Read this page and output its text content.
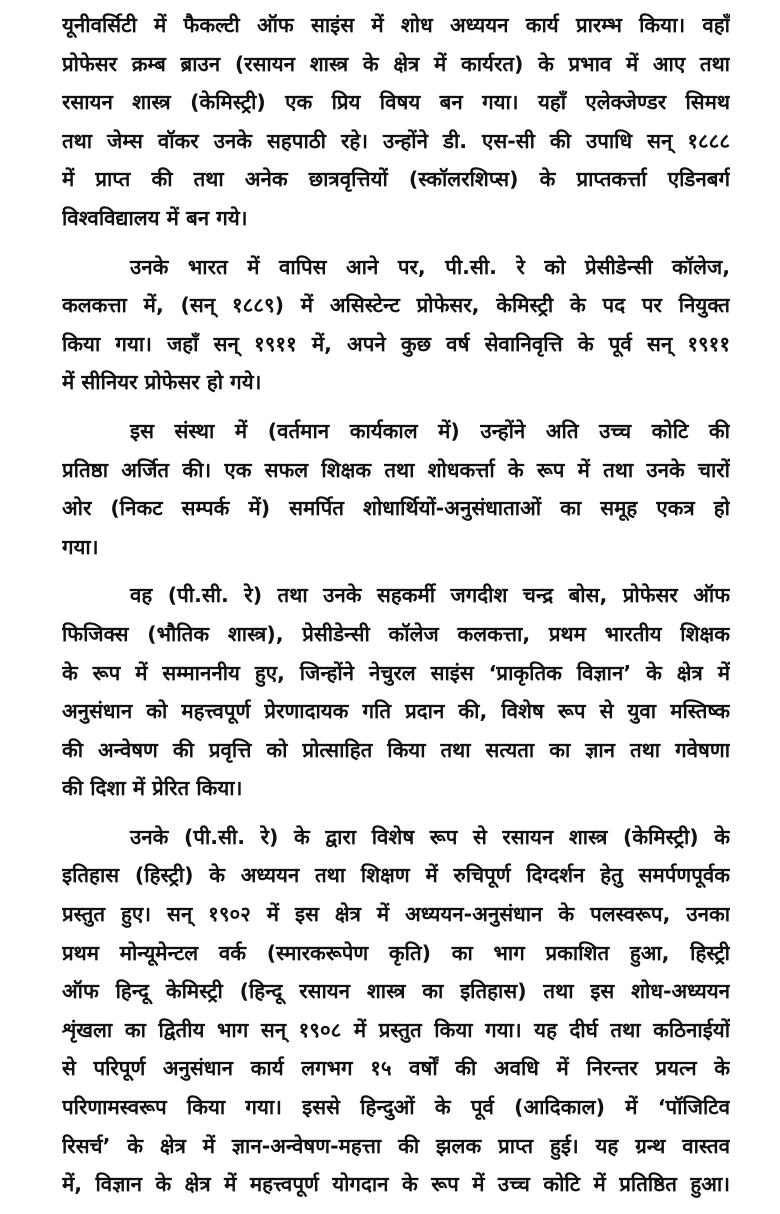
यूनीवर्सिटी में फैकल्टी ऑफ साइंस में शोध अध्ययन कार्य प्रारम्भ किया। वहाँ
प्रोफेसर क्रम्ब ब्राउन (रसायन शास्त्र के क्षेत्र में कार्यरत) के प्रभाव में आए तथा
रसायन शास्त्र (केमिस्ट्री) एक प्रिय विषय बन गया। यहाँ एलेक्जेण्डर सिमथ
तथा जेम्स वॉकर उनके सहपाठी रहे। उन्होंने डी. एस-सी की उपाधि सन् १८८८
में प्राप्त की तथा अनेक छात्रवृत्तियों (स्कॉलरशिप्स) के प्राप्तकर्त्ता एडिनबर्ग
विश्वविद्यालय में बन गये।
उनके भारत में वापिस आने पर, पी.सी. रे को प्रेसीडेन्सी कॉलेज,
कलकत्ता में, (सन् १८८९) में असिस्टेन्ट प्रोफेसर, केमिस्ट्री के पद पर नियुक्त
किया गया। जहाँ सन् १९११ में, अपने कुछ वर्ष सेवानिवृत्ति के पूर्व सन् १९११
में सीनियर प्रोफेसर हो गये।
इस संस्था में (वर्तमान कार्यकाल में) उन्होंने अति उच्च कोटि की
प्रतिष्ठा अर्जित की। एक सफल शिक्षक तथा शोधकर्त्ता के रूप में तथा उनके चारों
ओर (निकट सम्पर्क में) समर्पित शोधार्थियों-अनुसंधाताओं का समूह एकत्र हो
गया।
वह (पी.सी. रे) तथा उनके सहकर्मी जगदीश चन्द्र बोस, प्रोफेसर ऑफ
फिजिक्स (भौतिक शास्त्र), प्रेसीडेन्सी कॉलेज कलकत्ता, प्रथम भारतीय शिक्षक
के रूप में सम्माननीय हुए, जिन्होंने नेचुरल साइंस ‘प्राकृतिक विज्ञान’ के क्षेत्र में
अनुसंधान को महत्त्वपूर्ण प्रेरणादायक गति प्रदान की, विशेष रूप से युवा मस्तिष्क
की अन्वेषण की प्रवृत्ति को प्रोत्साहित किया तथा सत्यता का ज्ञान तथा गवेषणा
की दिशा में प्रेरित किया।
उनके (पी.सी. रे) के द्वारा विशेष रूप से रसायन शास्त्र (केमिस्ट्री) के
इतिहास (हिस्ट्री) के अध्ययन तथा शिक्षण में रुचिपूर्ण दिग्दर्शन हेतु समर्पणपूर्वक
प्रस्तुत हुए। सन् १९०२ में इस क्षेत्र में अध्ययन-अनुसंधान के पलस्वरूप, उनका
प्रथम मोन्यूमेन्टल वर्क (स्मारकरूपेण कृति) का भाग प्रकाशित हुआ, हिस्ट्री
ऑफ हिन्दू केमिस्ट्री (हिन्दू रसायन शास्त्र का इतिहास) तथा इस शोध-अध्ययन
शृंखला का द्वितीय भाग सन् १९०८ में प्रस्तुत किया गया। यह दीर्घ तथा कठिनाईयों
से परिपूर्ण अनुसंधान कार्य लगभग १५ वर्षों की अवधि में निरन्तर प्रयत्न के
परिणामस्वरूप किया गया। इससे हिन्दुओं के पूर्व (आदिकाल) में ‘पॉजिटिव
रिसर्च’ के क्षेत्र में ज्ञान-अन्वेषण-महत्ता की झलक प्राप्त हुई। यह ग्रन्थ वास्तव
में, विज्ञान के क्षेत्र में महत्त्वपूर्ण योगदान के रूप में उच्च कोटि में प्रतिष्ठित हुआ।
